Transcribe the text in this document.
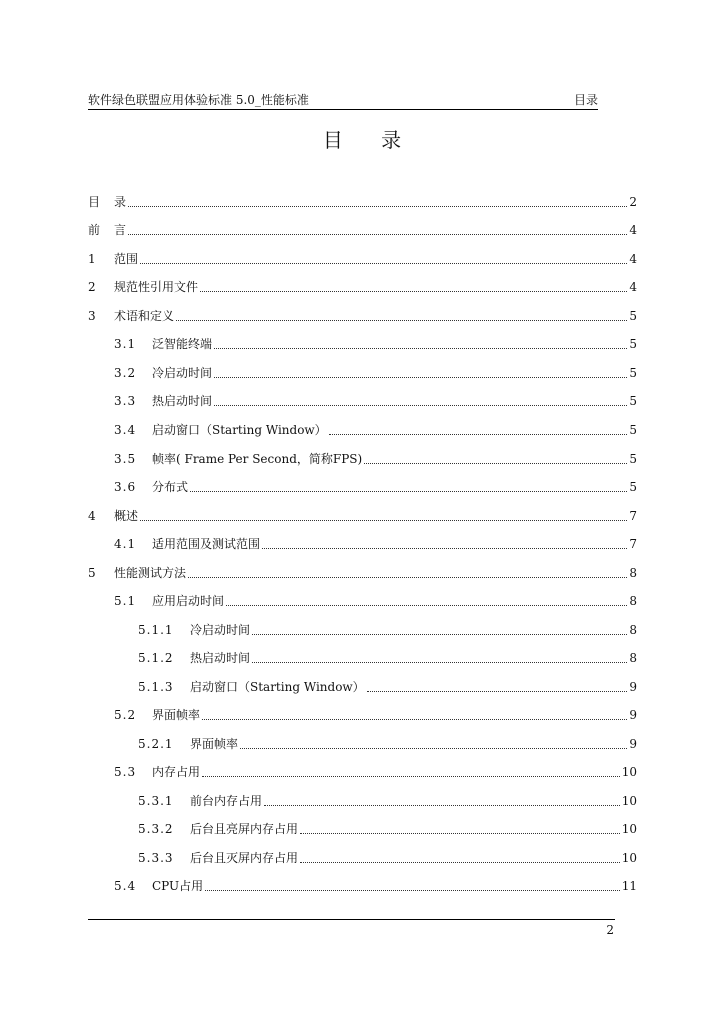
软件绿色联盟应用体验标准 5.0_性能标准	目录
目 录
目	录	2
前	言	4
1	范围	4
2	规范性引用文件	4
3	术语和定义	5
3.1	泛智能终端	5
3.2	冷启动时间	5
3.3	热启动时间	5
3.4	启动窗口（Starting Window）	5
3.5	帧率( Frame Per Second，简称FPS)	5
3.6	分布式	5
4	概述	7
4.1	适用范围及测试范围	7
5	性能测试方法	8
5.1	应用启动时间	8
5.1.1	冷启动时间	8
5.1.2	热启动时间	8
5.1.3	启动窗口（Starting Window）	9
5.2	界面帧率	9
5.2.1	界面帧率	9
5.3	内存占用	10
5.3.1	前台内存占用	10
5.3.2	后台且亮屏内存占用	10
5.3.3	后台且灭屏内存占用	10
5.4	CPU占用	11
2
